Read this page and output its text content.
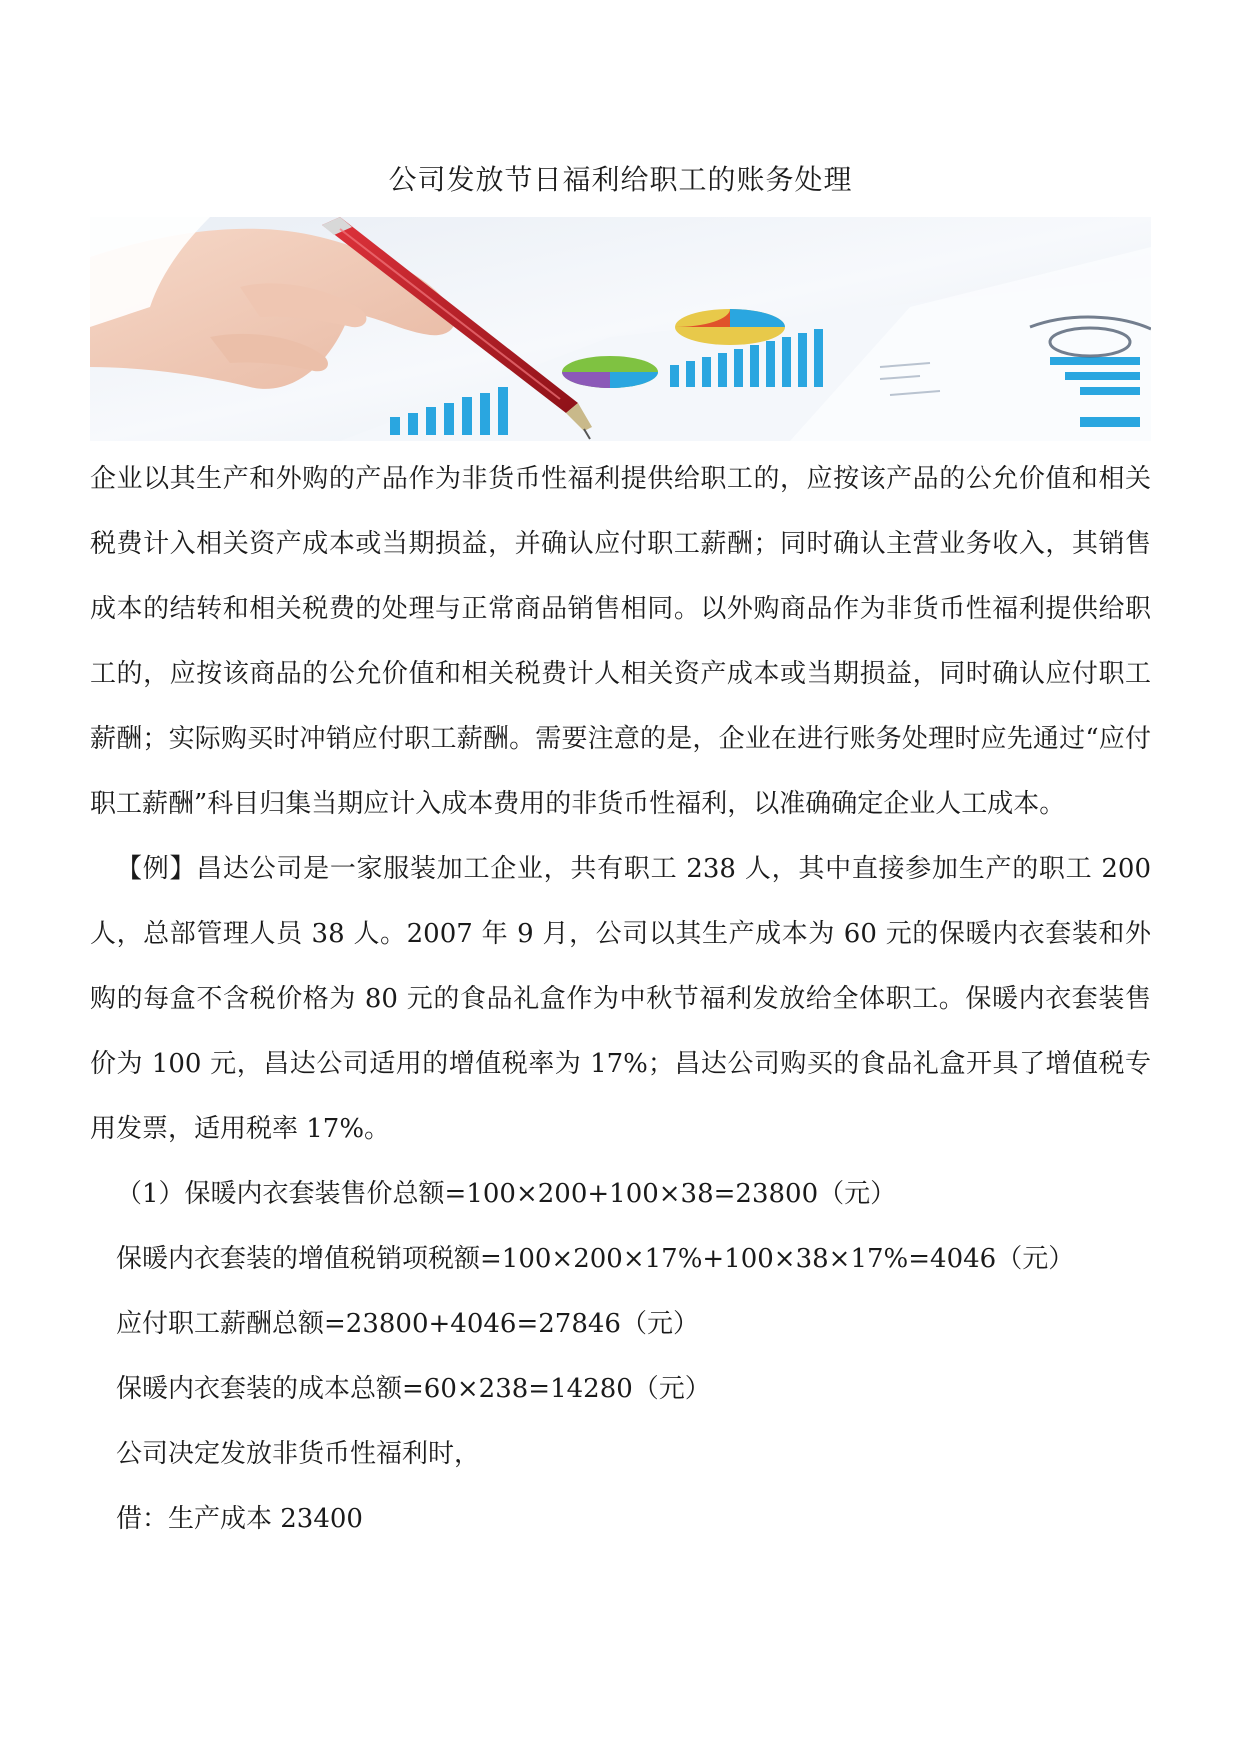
公司发放节日福利给职工的账务处理

企业以其生产和外购的产品作为非货币性福利提供给职工的，应按该产品的公允价值和相关税费计入相关资产成本或当期损益，并确认应付职工薪酬；同时确认主营业务收入，其销售成本的结转和相关税费的处理与正常商品销售相同。以外购商品作为非货币性福利提供给职工的，应按该商品的公允价值和相关税费计人相关资产成本或当期损益，同时确认应付职工薪酬；实际购买时冲销应付职工薪酬。需要注意的是，企业在进行账务处理时应先通过“应付职工薪酬”科目归集当期应计入成本费用的非货币性福利，以准确确定企业人工成本。

【例】昌达公司是一家服装加工企业，共有职工 238 人，其中直接参加生产的职工 200 人，总部管理人员 38 人。2007 年 9 月，公司以其生产成本为 60 元的保暖内衣套装和外购的每盒不含税价格为 80 元的食品礼盒作为中秋节福利发放给全体职工。保暖内衣套装售价为 100 元，昌达公司适用的增值税率为 17%；昌达公司购买的食品礼盒开具了增值税专用发票，适用税率 17%。

（1）保暖内衣套装售价总额=100×200+100×38=23800（元）

保暖内衣套装的增值税销项税额=100×200×17%+100×38×17%=4046（元）

应付职工薪酬总额=23800+4046=27846（元）

保暖内衣套装的成本总额=60×238=14280（元）

公司决定发放非货币性福利时，

借：生产成本 23400
